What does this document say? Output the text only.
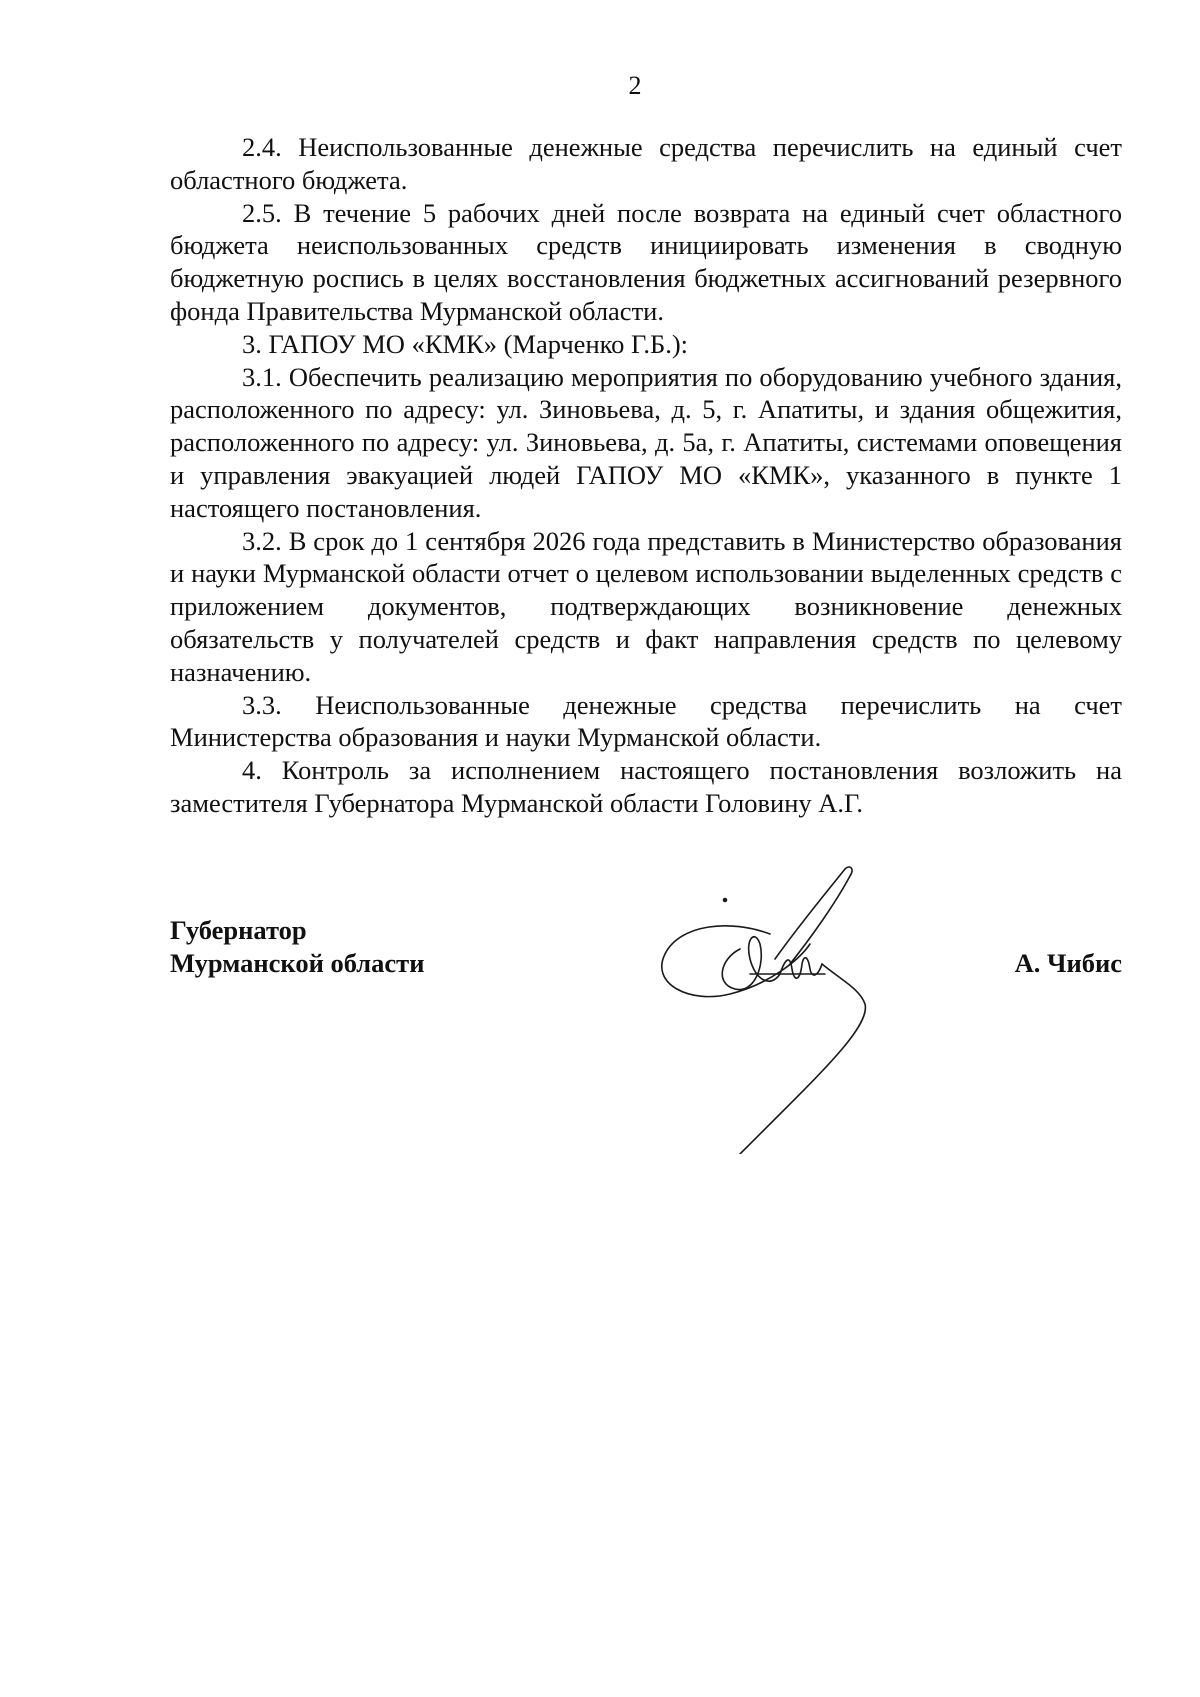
2

2.4. Неиспользованные денежные средства перечислить на единый счет областного бюджета.

2.5. В течение 5 рабочих дней после возврата на единый счет областного бюджета неиспользованных средств инициировать изменения в сводную бюджетную роспись в целях восстановления бюджетных ассигнований резервного фонда Правительства Мурманской области.

3. ГАПОУ МО «КМК» (Марченко Г.Б.):

3.1. Обеспечить реализацию мероприятия по оборудованию учебного здания, расположенного по адресу: ул. Зиновьева, д. 5, г. Апатиты, и здания общежития, расположенного по адресу: ул. Зиновьева, д. 5а, г. Апатиты, системами оповещения и управления эвакуацией людей ГАПОУ МО «КМК», указанного в пункте 1 настоящего постановления.

3.2. В срок до 1 сентября 2026 года представить в Министерство образования и науки Мурманской области отчет о целевом использовании выделенных средств с приложением документов, подтверждающих возникновение денежных обязательств у получателей средств и факт направления средств по целевому назначению.

3.3. Неиспользованные денежные средства перечислить на счет Министерства образования и науки Мурманской области.

4. Контроль за исполнением настоящего постановления возложить на заместителя Губернатора Мурманской области Головину А.Г.

Губернатор
Мурманской области	А. Чибис
